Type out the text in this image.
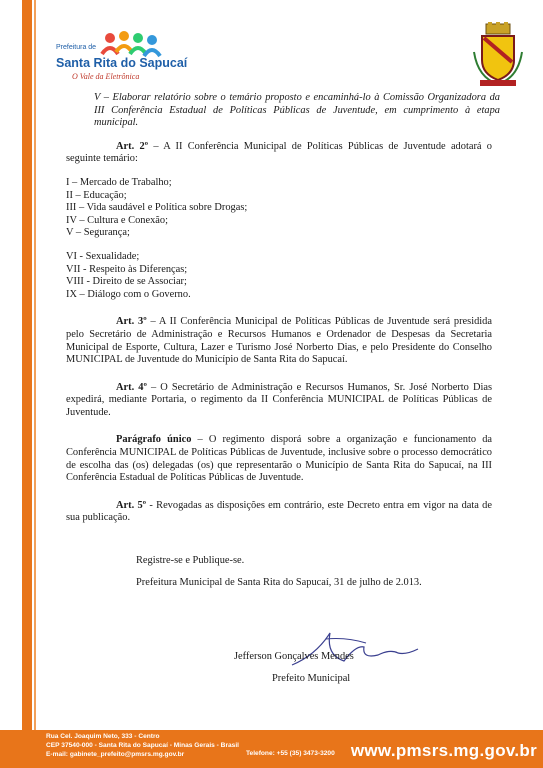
Prefeitura de
Santa Rita do Sapucaí
O Vale da Eletrônica

V – Elaborar relatório sobre o temário proposto e encaminhá-lo à Comissão Organizadora da III Conferência Estadual de Políticas Públicas de Juventude, em cumprimento à etapa municipal.

Art. 2º – A II Conferência Municipal de Políticas Públicas de Juventude adotará o seguinte temário:

I – Mercado de Trabalho;

II – Educação;

III – Vida saudável e Política sobre Drogas;

IV – Cultura e Conexão;

V – Segurança;

VI - Sexualidade;

VII - Respeito às Diferenças;

VIII - Direito de se Associar;

IX – Diálogo com o Governo.

Art. 3º – A II Conferência Municipal de Políticas Públicas de Juventude será presidida pelo Secretário de Administração e Recursos Humanos e Ordenador de Despesas da Secretaria Municipal de Esporte, Cultura, Lazer e Turismo José Norberto Dias, e pelo Presidente do Conselho MUNICIPAL de Juventude do Município de Santa Rita do Sapucaí.

Art. 4º – O Secretário de Administração e Recursos Humanos, Sr. José Norberto Dias expedirá, mediante Portaria, o regimento da II Conferência MUNICIPAL de Políticas Públicas de Juventude.

Parágrafo único – O regimento disporá sobre a organização e funcionamento da Conferência MUNICIPAL de Políticas Públicas de Juventude, inclusive sobre o processo democrático de escolha das (os) delegadas (os) que representarão o Município de Santa Rita do Sapucaí, na III Conferência Estadual de Políticas Públicas de Juventude.

Art. 5º - Revogadas as disposições em contrário, este Decreto entra em vigor na data de sua publicação.

Registre-se e Publique-se.
Prefeitura Municipal de Santa Rita do Sapucaí, 31 de julho de 2.013.
Jefferson Gonçalves Mendes
Prefeito Municipal
Rua Cel. Joaquim Neto, 333 - Centro
CEP 37540-000 - Santa Rita do Sapucaí - Minas Gerais - Brasil
E-mail: gabinete_prefeito@pmsrs.mg.gov.br	Telefone: +55 (35) 3473-3200 www.pmsrs.mg.gov.br
